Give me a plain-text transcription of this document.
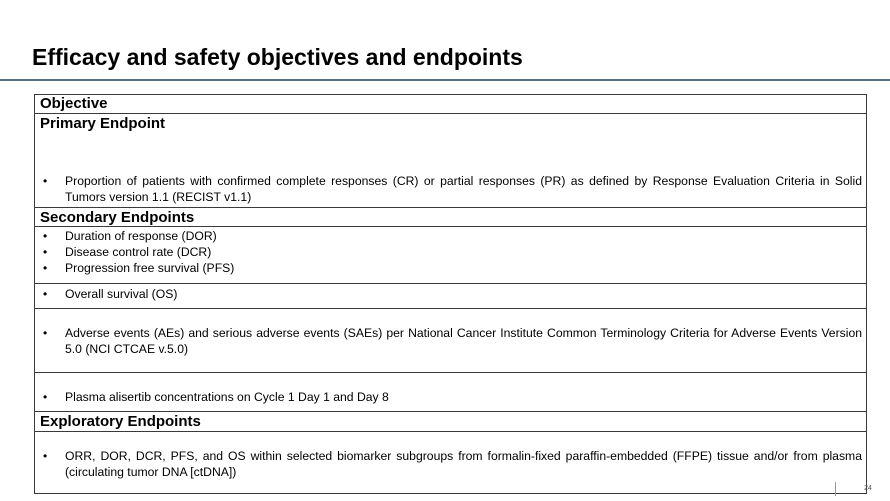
Efficacy and safety objectives and endpoints
Objective
Primary Endpoint
• Proportion of patients with confirmed complete responses (CR) or partial responses (PR) as defined by Response Evaluation Criteria in Solid Tumors version 1.1 (RECIST v1.1)
Secondary Endpoints
• Duration of response (DOR)
• Disease control rate (DCR)
• Progression free survival (PFS)
• Overall survival (OS)
• Adverse events (AEs) and serious adverse events (SAEs) per National Cancer Institute Common Terminology Criteria for Adverse Events Version 5.0 (NCI CTCAE v.5.0)
• Plasma alisertib concentrations on Cycle 1 Day 1 and Day 8
Exploratory Endpoints
• ORR, DOR, DCR, PFS, and OS within selected biomarker subgroups from formalin-fixed paraffin-embedded (FFPE) tissue and/or from plasma (circulating tumor DNA [ctDNA])
24
